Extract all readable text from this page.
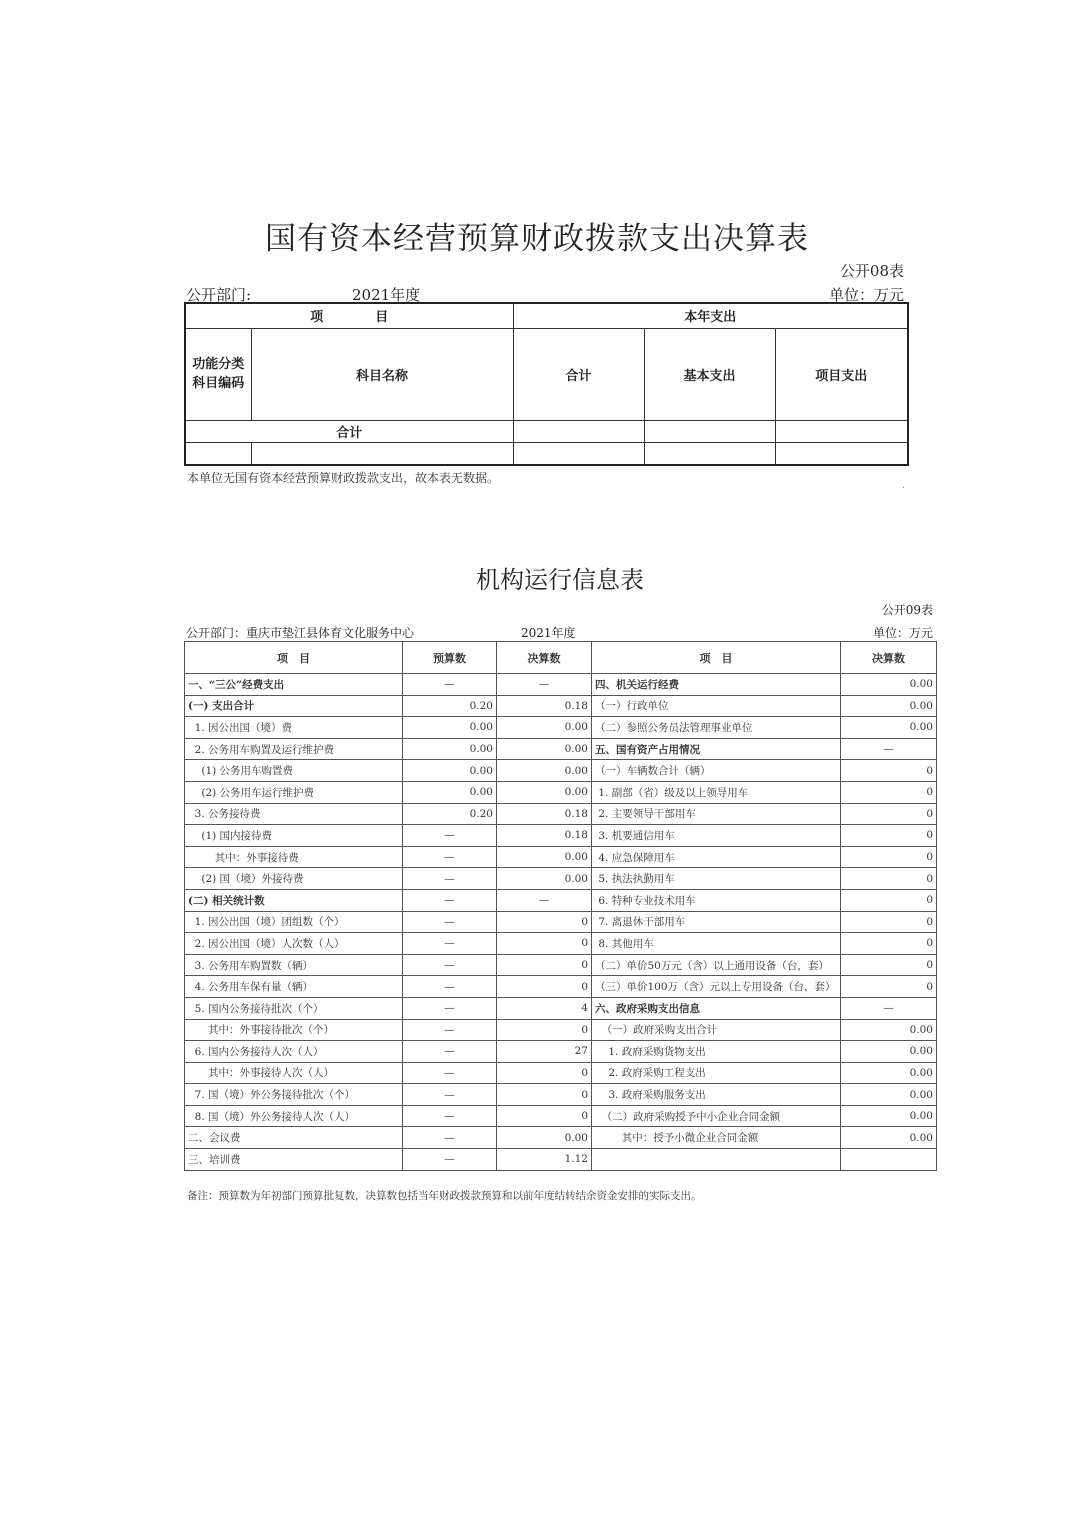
国有资本经营预算财政拨款支出决算表
公开08表
公开部门:	2021年度	单位：万元
项　　　　目		本年支出		
功能分类科目编码	科目名称	合计	基本支出	项目支出
合计				

本单位无国有资本经营预算财政拨款支出，故本表无数据。
·
机构运行信息表
公开09表
公开部门：重庆市垫江县体育文化服务中心	2021年度	单位：万元
项　目	预算数	决算数	项　目	决算数
一、“三公”经费支出	—	—	四、机关运行经费	0.00
(一) 支出合计	0.20	0.18	（一）行政单位	0.00
1. 因公出国（境）费	0.00	0.00	（二）参照公务员法管理事业单位	0.00
2. 公务用车购置及运行维护费	0.00	0.00	五、国有资产占用情况	—
(1) 公务用车购置费	0.00	0.00	（一）车辆数合计（辆）	0
(2) 公务用车运行维护费	0.00	0.00	1. 副部（省）级及以上领导用车	0
3. 公务接待费	0.20	0.18	2. 主要领导干部用车	0
(1) 国内接待费	—	0.18	3. 机要通信用车	0
其中：外事接待费	—	0.00	4. 应急保障用车	0
(2) 国（境）外接待费	—	0.00	5. 执法执勤用车	0
(二) 相关统计数	—	—	6. 特种专业技术用车	0
1. 因公出国（境）团组数（个）	—	0	7. 离退休干部用车	0
2. 因公出国（境）人次数（人）	—	0	8. 其他用车	0
3. 公务用车购置数（辆）	—	0	（二）单价50万元（含）以上通用设备（台，套）	0
4. 公务用车保有量（辆）	—	0	（三）单价100万（含）元以上专用设备（台，套）	0
5. 国内公务接待批次（个）	—	4	六、政府采购支出信息	—
其中：外事接待批次（个）	—	0	（一）政府采购支出合计	0.00
6. 国内公务接待人次（人）	—	27	1. 政府采购货物支出	0.00
其中：外事接待人次（人）	—	0	2. 政府采购工程支出	0.00
7. 国（境）外公务接待批次（个）	—	0	3. 政府采购服务支出	0.00
8. 国（境）外公务接待人次（人）	—	0	（二）政府采购授予中小企业合同金额	0.00
二、会议费	—	0.00	其中：授予小微企业合同金额	0.00
三、培训费	—	1.12		
备注：预算数为年初部门预算批复数，决算数包括当年财政拨款预算和以前年度结转结余资金安排的实际支出。
